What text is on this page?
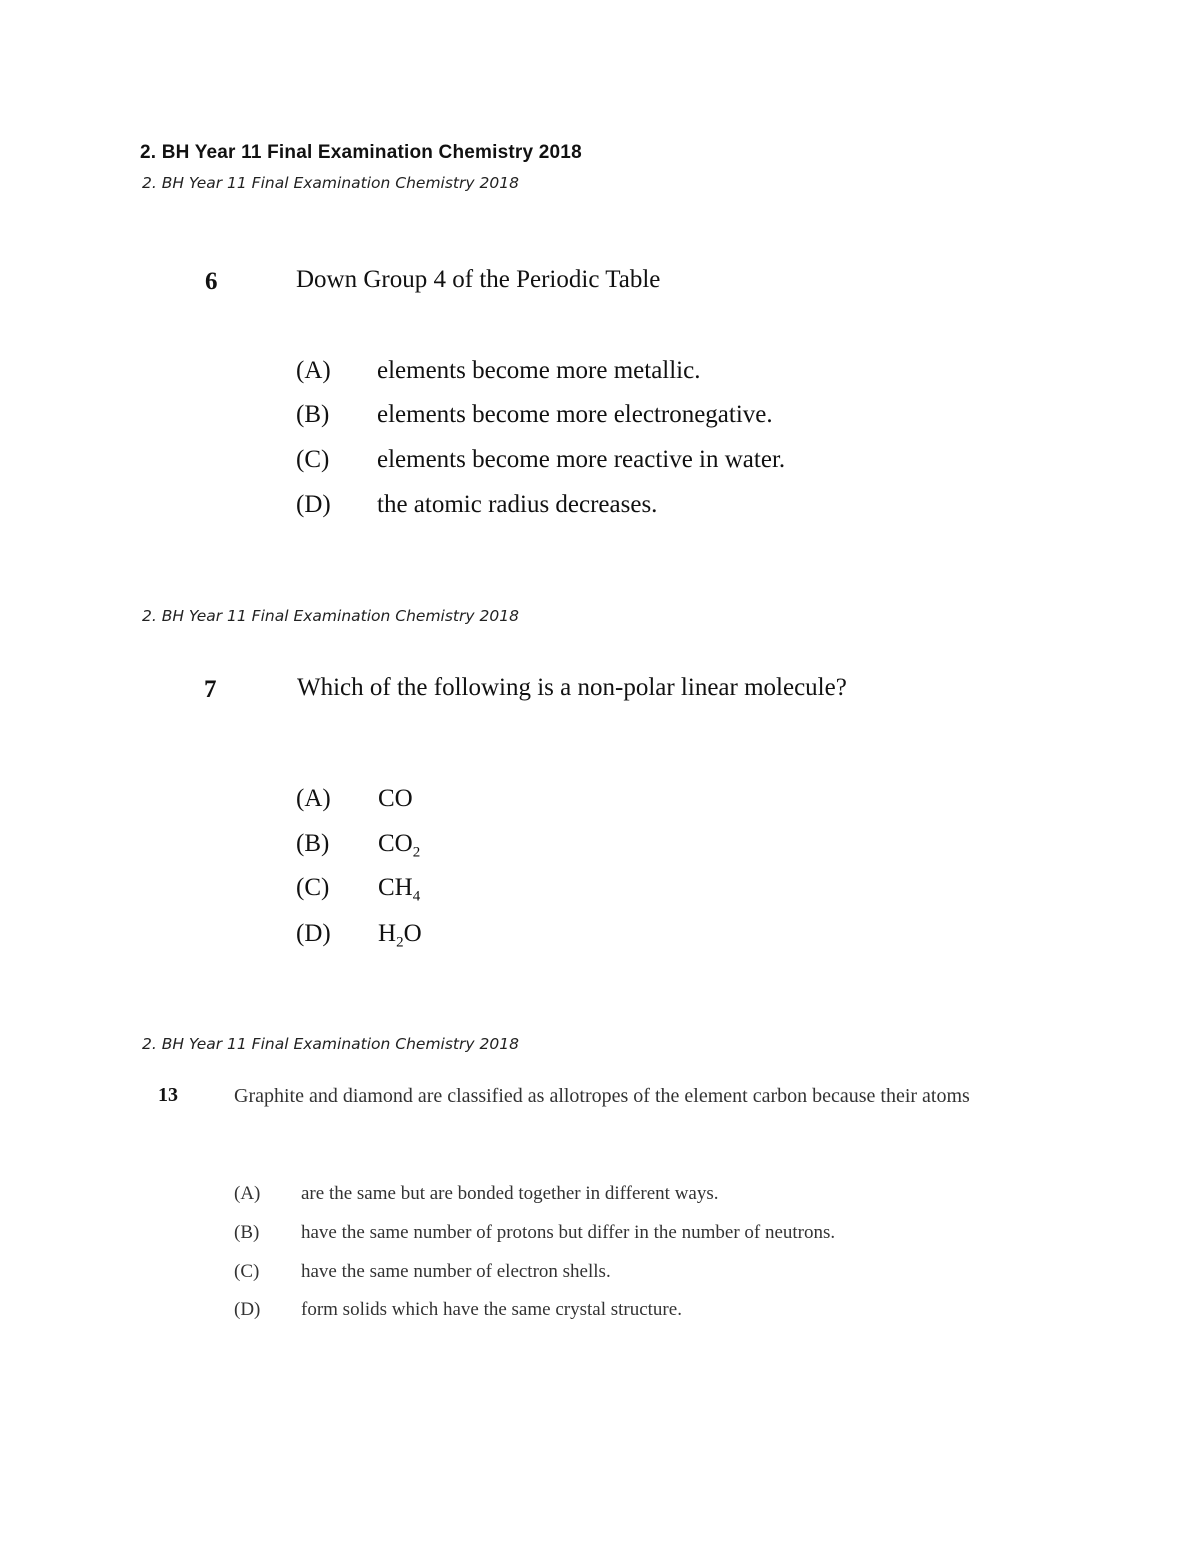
2. BH Year 11 Final Examination Chemistry 2018
2. BH Year 11 Final Examination Chemistry 2018
6	Down Group 4 of the Periodic Table
(A) elements become more metallic.
(B) elements become more electronegative.
(C) elements become more reactive in water.
(D) the atomic radius decreases.
2. BH Year 11 Final Examination Chemistry 2018
7	Which of the following is a non-polar linear molecule?
(A) CO
(B) $CO_2$
(C) $CH_4$
(D) $H_2O$
2. BH Year 11 Final Examination Chemistry 2018
13	Graphite and diamond are classified as allotropes of the element carbon because their atoms
(A) are the same but are bonded together in different ways.
(B) have the same number of protons but differ in the number of neutrons.
(C) have the same number of electron shells.
(D) form solids which have the same crystal structure.
